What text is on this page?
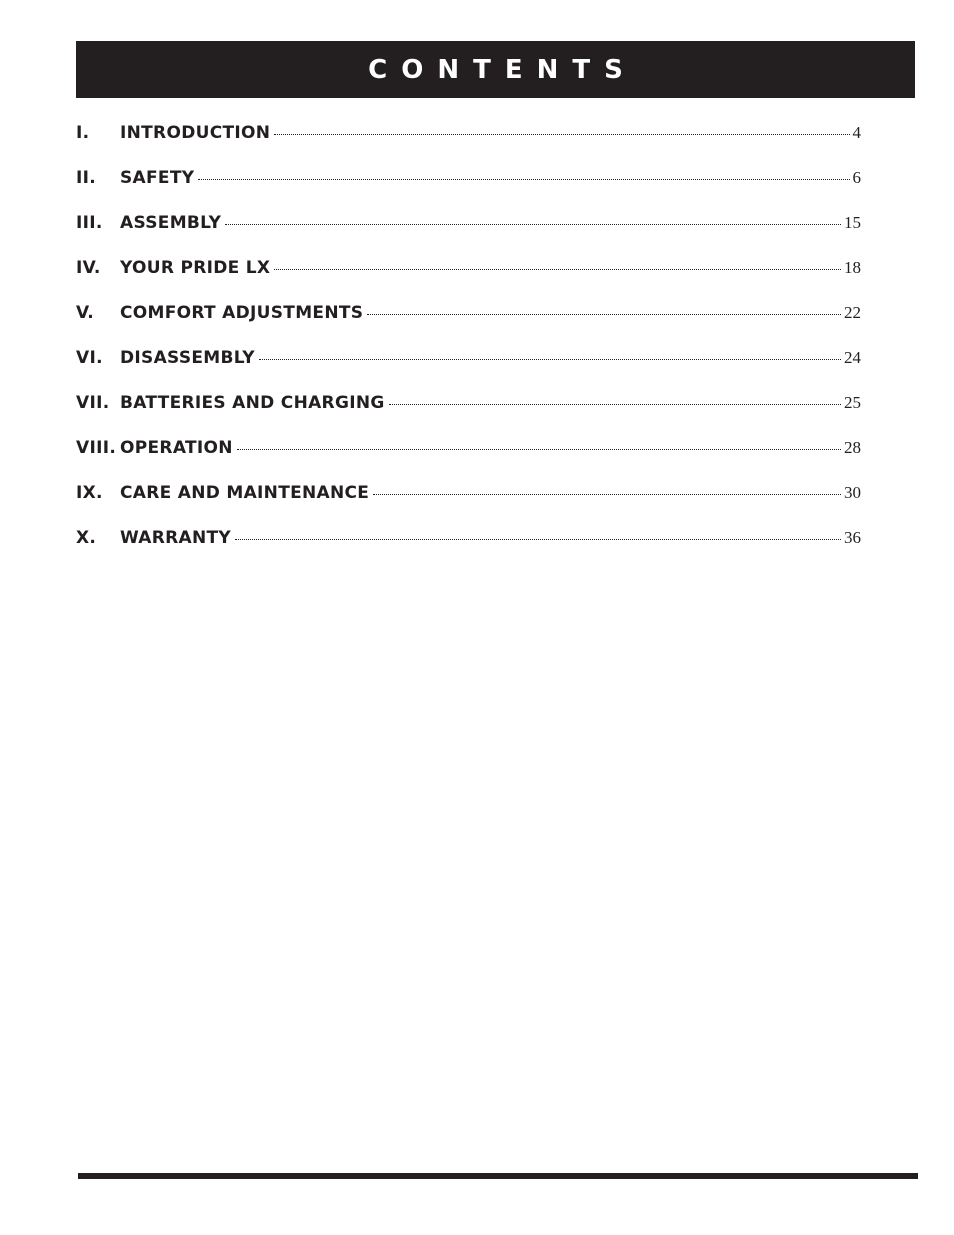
CONTENTS
I.	INTRODUCTION	4
II.	SAFETY	6
III.	ASSEMBLY	15
IV.	YOUR PRIDE LX	18
V.	COMFORT ADJUSTMENTS	22
VI.	DISASSEMBLY	24
VII. BATTERIES AND CHARGING	25
VIII. OPERATION	28
IX.	CARE AND MAINTENANCE	30
X.	WARRANTY	36
